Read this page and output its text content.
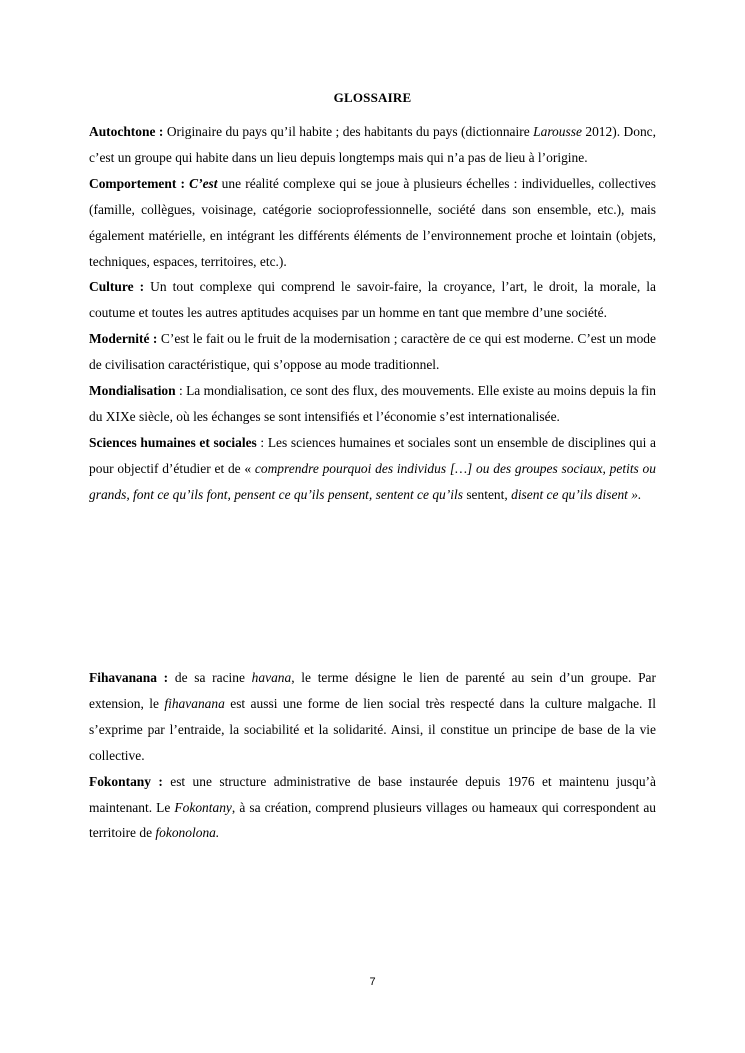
GLOSSAIRE

Autochtone : Originaire du pays qu’il habite ; des habitants du pays (dictionnaire Larousse 2012). Donc, c’est un groupe qui habite dans un lieu depuis longtemps mais qui n’a pas de lieu à l’origine.

Comportement : C’est une réalité complexe qui se joue à plusieurs échelles : individuelles, collectives (famille, collègues, voisinage, catégorie socioprofessionnelle, société dans son ensemble, etc.), mais également matérielle, en intégrant les différents éléments de l’environnement proche et lointain (objets, techniques, espaces, territoires, etc.).

Culture : Un tout complexe qui comprend le savoir-faire, la croyance, l’art, le droit, la morale, la coutume et toutes les autres aptitudes acquises par un homme en tant que membre d’une société.

Modernité : C’est le fait ou le fruit de la modernisation ; caractère de ce qui est moderne. C’est un mode de civilisation caractéristique, qui s’oppose au mode traditionnel.

Mondialisation : La mondialisation, ce sont des flux, des mouvements. Elle existe au moins depuis la fin du XIXe siècle, où les échanges se sont intensifiés et l’économie s’est internationalisée.

Sciences humaines et sociales : Les sciences humaines et sociales sont un ensemble de disciplines qui a pour objectif d’étudier et de « comprendre pourquoi des individus […] ou des groupes sociaux, petits ou grands, font ce qu’ils font, pensent ce qu’ils pensent, sentent ce qu’ils sentent, disent ce qu’ils disent ».

Fihavanana : de sa racine havana, le terme désigne le lien de parenté au sein d’un groupe. Par extension, le fihavanana est aussi une forme de lien social très respecté dans la culture malgache. Il s’exprime par l’entraide, la sociabilité et la solidarité. Ainsi, il constitue un principe de base de la vie collective.

Fokontany : est une structure administrative de base instaurée depuis 1976 et maintenu jusqu’à maintenant. Le Fokontany, à sa création, comprend plusieurs villages ou hameaux qui correspondent au territoire de fokonolona.

7
